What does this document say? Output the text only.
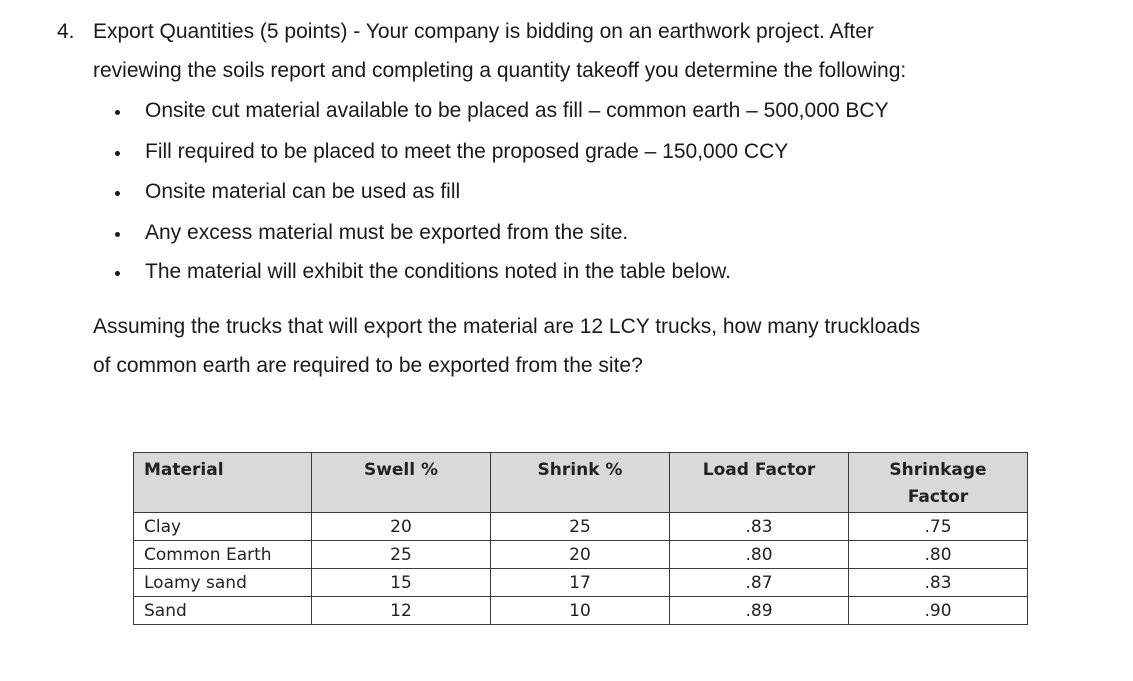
4. Export Quantities (5 points) - Your company is bidding on an earthwork project. After
reviewing the soils report and completing a quantity takeoff you determine the following:
Onsite cut material available to be placed as fill – common earth – 500,000 BCY
Fill required to be placed to meet the proposed grade – 150,000 CCY
Onsite material can be used as fill
Any excess material must be exported from the site.
The material will exhibit the conditions noted in the table below.
Assuming the trucks that will export the material are 12 LCY trucks, how many truckloads
of common earth are required to be exported from the site?
Material	Swell %	Shrink %	Load Factor	Shrinkage
Factor
Clay	20	25	.83	.75
Common Earth	25	20	.80	.80
Loamy sand	15	17	.87	.83
Sand	12	10	.89	.90
